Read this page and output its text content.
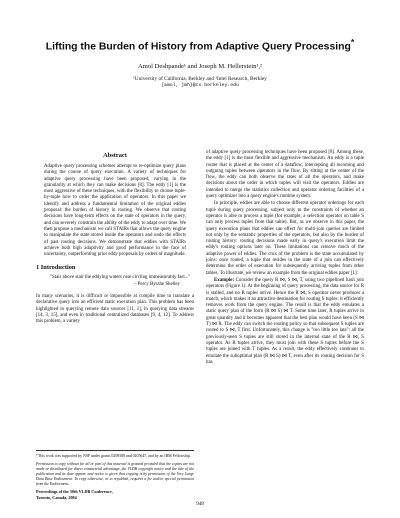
Lifting the Burden of History from Adaptive Query Processing*
Amol Deshpande¹ and Joseph M. Hellerstein¹,²
¹University of California, Berkley and ²Intel Research, Berkley
{amol, jmh}@cs.berkeley.edu
Abstract

Adaptive query processing schemes attempt to re-optimize query plans during the course of query execution. A variety of techniques for adaptive query processing have been proposed, varying in the granularity at which they can make decisions [8]. The eddy [1] is the most aggressive of these techniques, with the flexibility to choose tuple-by-tuple how to order the application of operators. In this paper we identify and address a fundamental limitation of the original eddies proposal: the burden of history in routing. We observe that routing decisions have long-term effects on the state of operators in the query, and can severely constrain the ability of the eddy to adapt over time. We then propose a mechanism we call STAIRs that allows the query engine to manipulate the state stored inside the operators and undo the effects of past routing decisions. We demonstrate that eddies with STAIRs achieve both high adaptivity and good performance in the face of uncertainty, outperforming prior eddy proposals by orders of magnitude.

1 Introduction
"Stair above stair the eddying waters rose circling immeasurably fast..."
– Percy Bysshe Shelley

In many scenarios, it is difficult or impossible at compile time to translate a declarative query into an efficient static execution plan. This problem has been highlighted in querying remote data sources [11, 1], in querying data streams [14, 3, 15], and even in traditional centralized databases [9, 4, 12]. To address this problem, a variety

of adaptive query processing techniques have been proposed [8]. Among these, the eddy [1] is the most flexible and aggressive mechanism. An eddy is a tuple router that is placed at the center of a dataflow, intercepting all incoming and outgoing tuples between operators in the flow. By sitting at the center of the flow, the eddy can both observe the rates of all the operators, and make decisions about the order in which tuples will visit the operators. Eddies are intended to merge the statistics collection and operator ordering facilities of a query optimizer into a query engine's runtime system.

In principle, eddies are able to choose different operator orderings for each tuple during query processing, subject only to the constraints of whether an operator is able to process a tuple (for example, a selection operator on table S can only process tuples from that table). But, as we observe in this paper, the query execution plans that eddies can effect for multi-join queries are limited not only by the semantic properties of the operators, but also by the burden of routing history: routing decisions made early in query's execution limit the eddy's routing options later on. These limitations can remove much of the adaptive power of eddies. The crux of the problem is the state accumulated by joins: once routed, a tuple that resides in the state of a join can effectively determine the order of execution for subsequently arriving tuples from other tables. To illustrate, we review an example from the original eddies paper [1]:

Example: Consider the query R ⋈ₐ S ⋈ₐ T, using two pipelined hash join operators (Figure 1). At the beginning of query processing, the data source for R is stalled, and no R tuples arrive. Hence the R ⋈ₐ S operator never produces a match, which makes it an attractive destination for routing S tuples: it efficiently removes work from the query engine. The result is that the eddy emulates a static query plan of the form (R ⋈ S) ⋈ T. Some time later, R tuples arrive in great quantity and it becomes apparent that the best plan would have been (S ⋈ T) ⋈ R. The eddy can switch the routing policy so that subsequent S tuples are routed to S ⋈ₐ T first. Unfortunately, this change is "too little too late": all the previously-seen S tuples are still stored in the internal state of the R ⋈ₐ S operator. As R tuples arrive, they must join with these S tuples before the S tuples are joined with T tuples. As a result, the eddy effectively continues to emulate the suboptimal plan (R ⋈ S) ⋈ T, even after its routing decision for S has

*This work was supported by NSF under grants 0208588 and 0205647, and by an IBM Fellowship.

Permission to copy without fee all or part of this material is granted provided that the copies are not made or distributed for direct commercial advantage, the VLDB copyright notice and the title of the publication and its date appear, and notice is given that copying is by permission of the Very Large Data Base Endowment. To copy otherwise, or to republish, requires a fee and/or special permission from the Endowment.

Proceedings of the 30th VLDB Conference,

Toronto, Canada, 2004

948
